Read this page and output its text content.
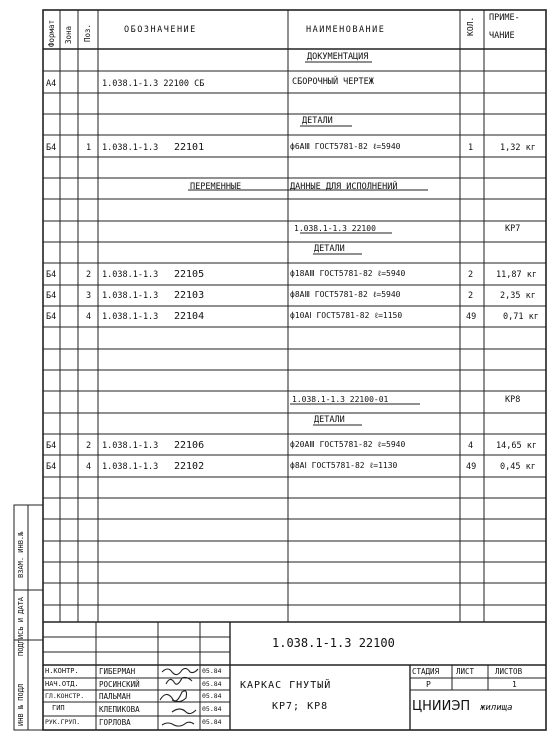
Формат Зона Поз.	ОБОЗНАЧЕНИЕ	НАИМЕНОВАНИЕ	КОЛ. ПРИМЕ-
ЧАНИЕ
ДОКУМЕНТАЦИЯ
А4	1.038.1-1.3 22100 СБ	СБОРОЧНЫЙ ЧЕРТЕЖ
ДЕТАЛИ
Б4	1 1.038.1-1.3 22101	ф6АⅢ ГОСТ5781-82 ℓ=5940	1	1,32 кг
ПЕРЕМЕННЫЕ	ДАННЫЕ ДЛЯ ИСПОЛНЕНИЙ
1.038.1-1.3 22100	КР7
ДЕТАЛИ
Б4	2 1.038.1-1.3 22105	ф18АⅢ ГОСТ5781-82 ℓ=5940	2	11,87 кг
Б4	3 1.038.1-1.3 22103	ф8АⅢ ГОСТ5781-82 ℓ=5940	2	2,35 кг
Б4	4 1.038.1-1.3 22104	ф10АⅠ ГОСТ5781-82 ℓ=1150	49	0,71 кг
1.038.1-1.3 22100-01	КР8
ДЕТАЛИ
Б4	2 1.038.1-1.3 22106	ф20АⅢ ГОСТ5781-82 ℓ=5940	4	14,65 кг
Б4	4 1.038.1-1.3 22102	ф8АⅠ ГОСТ5781-82 ℓ=1130	49	0,45 кг
ИНВ № ПОДЛ
ПОДПИСЬ И ДАТА
ВЗАМ. ИНВ.№
1.038.1-1.3 22100
Н.КОНТР.	ГИБЕРМАН	05.84
НАЧ.ОТД.	РОСИНСКИЙ	05.84
ГЛ.КОНСТР. ПАЛЬМАН	05.84
ГИП	КЛЕПИКОВА	05.84
РУК.ГРУП.	ГОРЛОВА	05.84
КАРКАС ГНУТЫЙ
КР7; КР8
СТАДИЯ ЛИСТ	ЛИСТОВ
Р	1
ЦНИИЭП жилища
